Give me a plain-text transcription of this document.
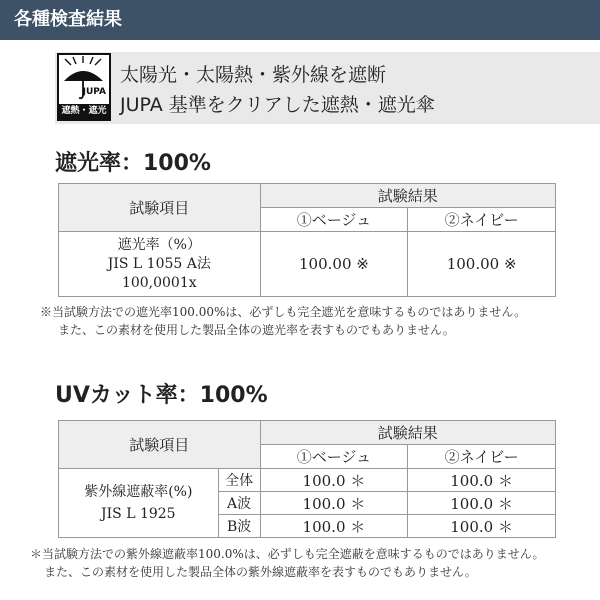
各種検査結果
JUPA
遮熱・遮光
太陽光・太陽熱・紫外線を遮断
JUPA 基準をクリアした遮熱・遮光傘
遮光率：100%
試験項目	試験結果	
	①ベージュ	②ネイビー

遮光率（%）
JIS L 1055 A法
100,0001x	100.00 ※	100.00 ※
※当試験方法での遮光率100.00%は、必ずしも完全遮光を意味するものではありません。
また、この素材を使用した製品全体の遮光率を表すものでもありません。
UVカット率：100%
試験項目		試験結果	
		①ベージュ	②ネイビー

紫外線遮蔽率(%)
JIS L 1925	全体	100.0 ＊	100.0 ＊
	A波	100.0 ＊	100.0 ＊
	B波	100.0 ＊	100.0 ＊
＊当試験方法での紫外線遮蔽率100.0%は、必ずしも完全遮蔽を意味するものではありません。
また、この素材を使用した製品全体の紫外線遮蔽率を表すものでもありません。
